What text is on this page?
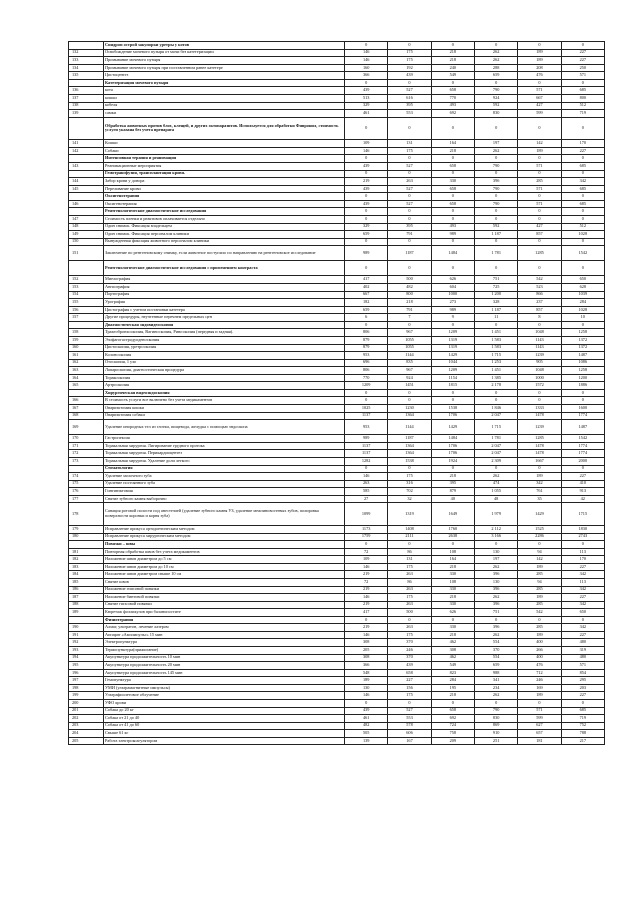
	Синдром острой закупорки уретры у котов	0	0	0	0	0	0
132	Освобождение мочевого пузыря от мочи без катетеризации	146	175	218	262	189	227
133	Промывание мочевого пузыря	146	175	218	262	189	227
134	Промывание мочевого пузыря при поставленном ранее катетере	160	192	240	288	208	250
135	Цистоцентез	366	439	549	659	476	571
	Катетеризация мочевого пузыря	0	0	0	0	0	0
136	кота	439	527	658	790	571	685
137	кошки	513	616	770	924	667	800
138	кобеля	329	395	493	592	427	512
139	самки	461	553	692	830	599	719
	Обработка животных против блох, клещей, и других эктопаразитов. Используется для обработки Фипронил, стоимость услуги указана без учета препарата	0	0	0	0	0	0
141	Кошки	109	131	164	197	142	170
142	Собаки	146	175	218	262	189	227
	Интенсивная терапия и реанимация	0	0	0	0	0	0
143	Реанимационные мероприятия	439	527	658	790	571	685
	Гемотрансфузия, трансплантация крови.	0	0	0	0	0	0
144	Забор крови у донора	219	263	330	396	285	342
145	Переливание крови	439	527	658	790	571	685
	Оксигенотерапия	0	0	0	0	0	0
146	Оксигенотерапия	439	527	658	790	571	685
	Рентгенологические диагностические исследования	0	0	0	0	0	0
147	Стоимость пленки и реактивов оплачивается отдельно	0	0	0	0	0	0
148	Один снимок. Фиксация владельцем	329	395	493	592	427	512
149	Один снимок. Фиксация персоналом клиники	659	791	989	1 187	857	1028
150	Вынужденная фиксация животного персоналом клиники	0	0	0	0	0	0
151	Заключение по рентгеновскому снимку, если животное поступило по направлению на рентгеновское исследование	989	1187	1484	1 781	1285	1542
	Рентгенологические диагностические исследования с применением контраста	0	0	0	0	0	0
152	Миелография	417	500	626	751	542	650
153	Ангиография	402	482	604	725	523	628
154	Портография	667	800	1000	1 200	866	1039
155	Урография	182	218	273	328	237	284
156	Цистография с учетом постановки катетера	659	791	989	1 187	857	1028
157	Другие процедуры, неучтенные перечнем предельных цен	6	7	9	11	8	10
	Диагностическая эндовидеоскопия	0	0	0	0	0	0
158	Трахеобронхоскопия, Вагиноскопия, Риноскопия (передняя и задняя).	806	967	1209	1 451	1048	1258
159	Эзофагогастродуоденоскопия	879	1055	1319	1 583	1143	1372
160	Цистоскопия, уретроскопия	879	1055	1319	1 583	1143	1372
161	Колоноскопия	953	1144	1429	1 715	1239	1487
162	Отоскопия, 1 ухо	696	835	1044	1 253	905	1086
163	Лапароскопия, диагностическая процедура	806	967	1209	1 451	1048	1258
164	Торакоскопия	770	924	1154	1 385	1000	1200
165	Артроскопия	1209	1451	1815	2 178	1572	1886
	Хирургическая видеоэндоскопия	0	0	0	0	0	0
166	В стоимость услуги все включено без учета медикаментов	0	0	0	0	0	0
167	Овариэктомия кошки	1025	1230	1538	1 846	1333	1600
168	Овариэктомия собаки	1137	1364	1706	2 047	1478	1774
169	Удаление инородных тел из глотки, пищевода, желудка с помощью эндоскопа	953	1144	1429	1 715	1239	1487
170	Гастропексия	989	1187	1484	1 781	1285	1542
171	Торакальная хирургия. Лигирование грудного протока	1137	1364	1706	2 047	1478	1774
172	Торакальная хирургия. Перикардиоцентез	1137	1364	1706	2 047	1478	1774
173	Торакальная хирургия. Удаление доли легкого	1282	1538	1924	2 309	1667	2000
	Стоматология	0	0	0	0	0	0
174	Удаление молочного зуба	146	175	218	262	189	227
175	Удаление постоянного зуба	263	316	395	474	342	410
176	Гингивэктомия	585	702	879	1 055	761	913
177	Снятие зубного камня выборочно	27	32	40	48	35	42
178	Санация ротовой полости под анестезией (удаление зубного камня УЗ, удаление межзиновостевых зубов, полировка поверхности коронки и корня зуба)	1099	1319	1649	1 979	1429	1715
179	Исправление прикуса ортодонтическим методом	1173	1408	1760	2 112	1525	1830
180	Исправление прикуса хирургическим методом	1759	2111	2638	3 166	2286	2743
	Повязки – швы	0	0	0	0	0	0
181	Повторная обработка швов без учета медикаментов	72	86	108	130	94	113
182	Наложение швов диаметром до 5 см	109	131	164	197	142	170
183	Наложение швов диаметром до 10 см	146	175	218	262	189	227
184	Наложение швов диаметром свыше 10 см	219	263	330	396	285	342
185	Снятие швов	72	86	108	130	94	113
186	Наложение гипсовой повязки	219	263	330	396	285	342
187	Наложение бинтовой повязки	146	175	218	262	189	227
188	Снятие гипсовой повязки	219	263	330	396	285	342
189	Кюретаж фолликулов при баланопостите	417	500	626	751	542	650
	Физиотерапия	0	0	0	0	0	0
190	Алмаг, ультратон, лечение лазером	219	263	330	396	285	342
191	Аппарат «Амплипульс» 15 мин	146	175	218	262	189	227
192	Электропунктура	308	370	462	554	400	480
193	Термопунктура(прижигание)	205	246	308	370	266	319
194	Акупунктура продолжительность 10 мин	308	370	462	554	400	480
195	Акупунктура продолжительность 20 мин	366	439	549	659	476	571
196	Акупунктура продолжительность 145 мин	548	658	823	988	712	854
197	Гемопунктура	189	227	284	341	246	295
198	УМИ (ультрамагнитные импульсы)	130	156	195	234	169	203
199	Ультрафиолетовое облучение	146	175	218	262	189	227
200	УФО крови	0	0	0	0	0	0
201	Собака до 20 кг	439	527	658	790	571	685
202	Собака от 21 до 40	461	553	692	830	599	719
203	Собака от 41 до 60	482	578	724	869	627	752
204	Свыше 61 кг	505	606	758	910	657	788
205	Работа электрокоагулятором	139	167	209	251	181	217
